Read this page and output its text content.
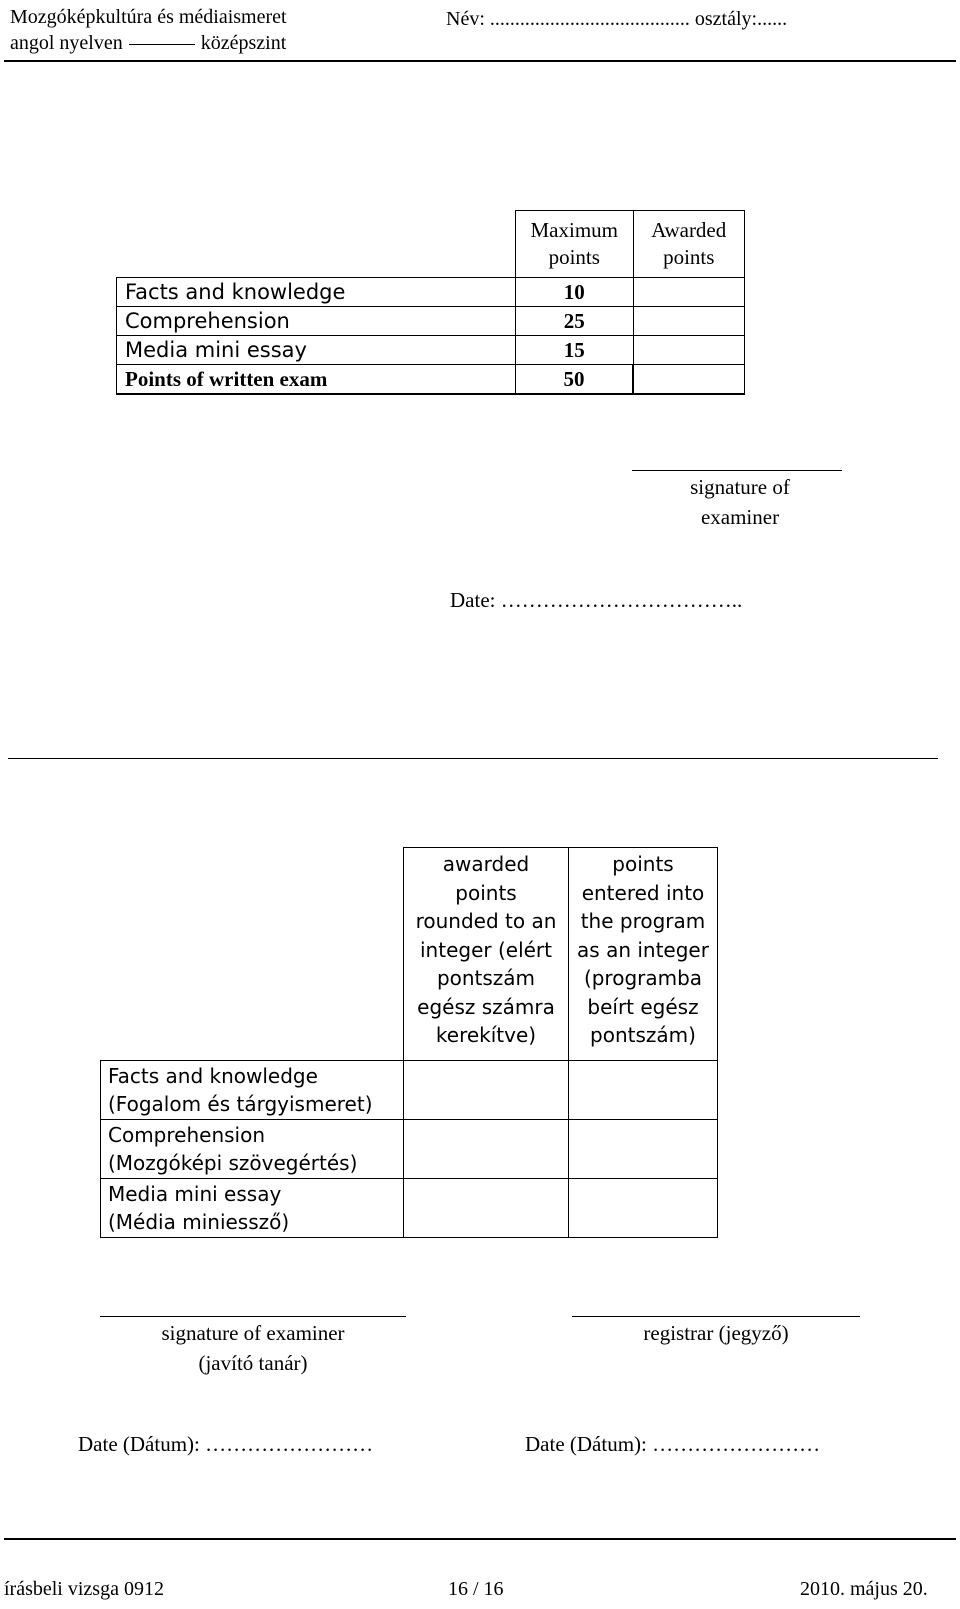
Mozgóképkultúra és médiaismeret
angol nyelven	középszint
Név: ........................................ osztály:......
	Maximum points	Awarded points
Facts and knowledge	10	
Comprehension	25	
Media mini essay	15	
Points of written exam	50	
signature of
examiner
Date: ……………………………..
	awarded points rounded to an integer (elért pontszám egész számra kerekítve)	points entered into the program as an integer (programba beírt egész pontszám)

Facts and knowledge
(Fogalom és tárgyismeret)		

Comprehension
(Mozgóképi szövegértés)		

Media mini essay
(Média miniessző)		

signature of examiner
(javító tanár)
registrar (jegyző)
Date (Dátum): ……………………	Date (Dátum): ……………………
írásbeli vizsga 0912	16 / 16	2010. május 20.
